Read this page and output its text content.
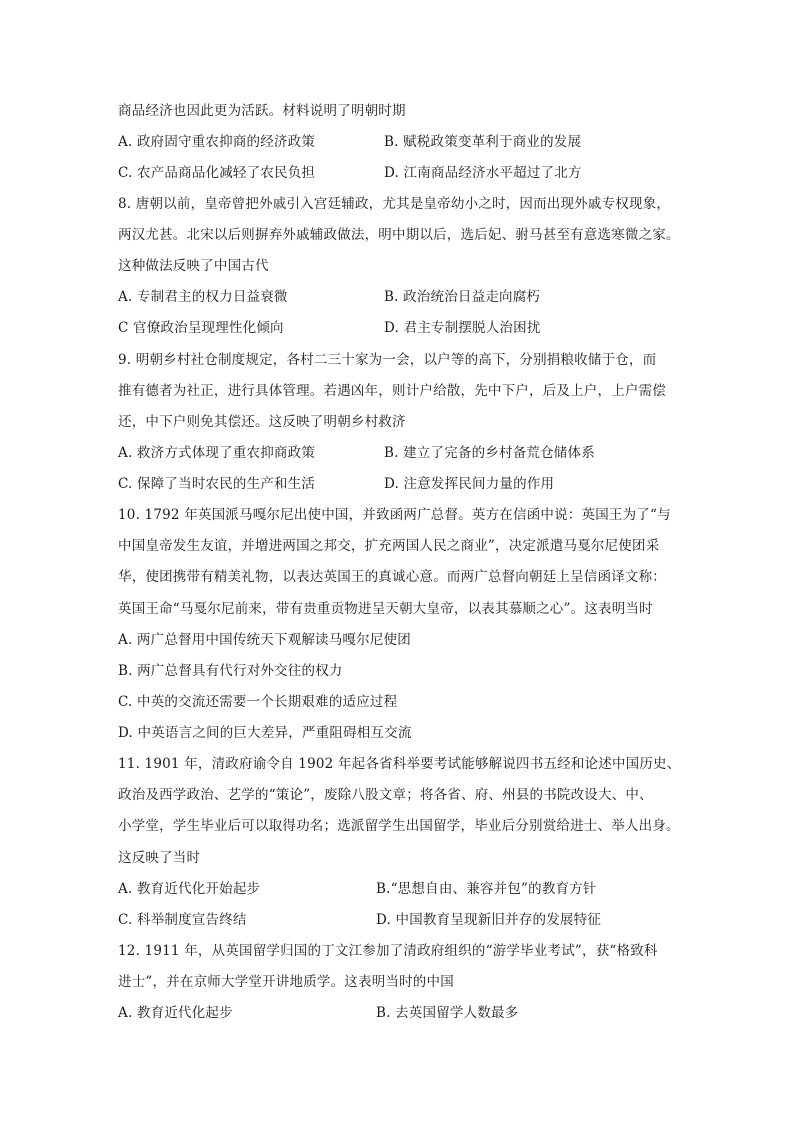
商品经济也因此更为活跃。材料说明了明朝时期
A. 政府固守重农抑商的经济政策	B. 赋税政策变革利于商业的发展
C. 农产品商品化减轻了农民负担	D. 江南商品经济水平超过了北方
8. 唐朝以前，皇帝曾把外戚引入宫廷辅政，尤其是皇帝幼小之时，因而出现外戚专权现象，
两汉尤甚。北宋以后则摒弃外戚辅政做法，明中期以后，选后妃、驸马甚至有意选寒微之家。
这种做法反映了中国古代
A. 专制君主的权力日益衰微	B. 政治统治日益走向腐朽
C 官僚政治呈现理性化倾向	D. 君主专制摆脱人治困扰
9. 明朝乡村社仓制度规定，各村二三十家为一会，以户等的高下，分别捐粮收储于仓，而
推有德者为社正，进行具体管理。若遇凶年，则计户给散，先中下户，后及上户，上户需偿
还，中下户则免其偿还。这反映了明朝乡村救济
A. 救济方式体现了重农抑商政策	B. 建立了完备的乡村备荒仓储体系
C. 保障了当时农民的生产和生活	D. 注意发挥民间力量的作用
10. 1792 年英国派马嘎尔尼出使中国，并致函两广总督。英方在信函中说：英国王为了“与
中国皇帝发生友谊，并增进两国之邦交，扩充两国人民之商业”，决定派遣马戛尔尼使团采
华，使团携带有精美礼物，以表达英国王的真诚心意。而两广总督向朝廷上呈信函译文称：
英国王命“马戛尔尼前来，带有贵重贡物进呈天朝大皇帝，以表其慕顺之心”。这表明当时
A. 两广总督用中国传统天下观解读马嘎尔尼使团
B. 两广总督具有代行对外交往的权力
C. 中英的交流还需要一个长期艰难的适应过程
D. 中英语言之间的巨大差异，严重阻碍相互交流
11. 1901 年，清政府谕令自 1902 年起各省科举要考试能够解说四书五经和论述中国历史、
政治及西学政治、艺学的“策论”，废除八股文章；将各省、府、州县的书院改设大、中、
小学堂，学生毕业后可以取得功名；选派留学生出国留学，毕业后分别赏给进士、举人出身。
这反映了当时
A. 教育近代化开始起步	B.“思想自由、兼容并包”的教育方针
C. 科举制度宣告终结	D. 中国教育呈现新旧并存的发展特征
12. 1911 年，从英国留学归国的丁文江参加了清政府组织的“游学毕业考试”，获“格致科
进士”，并在京师大学堂开讲地质学。这表明当时的中国
A. 教育近代化起步	B. 去英国留学人数最多
